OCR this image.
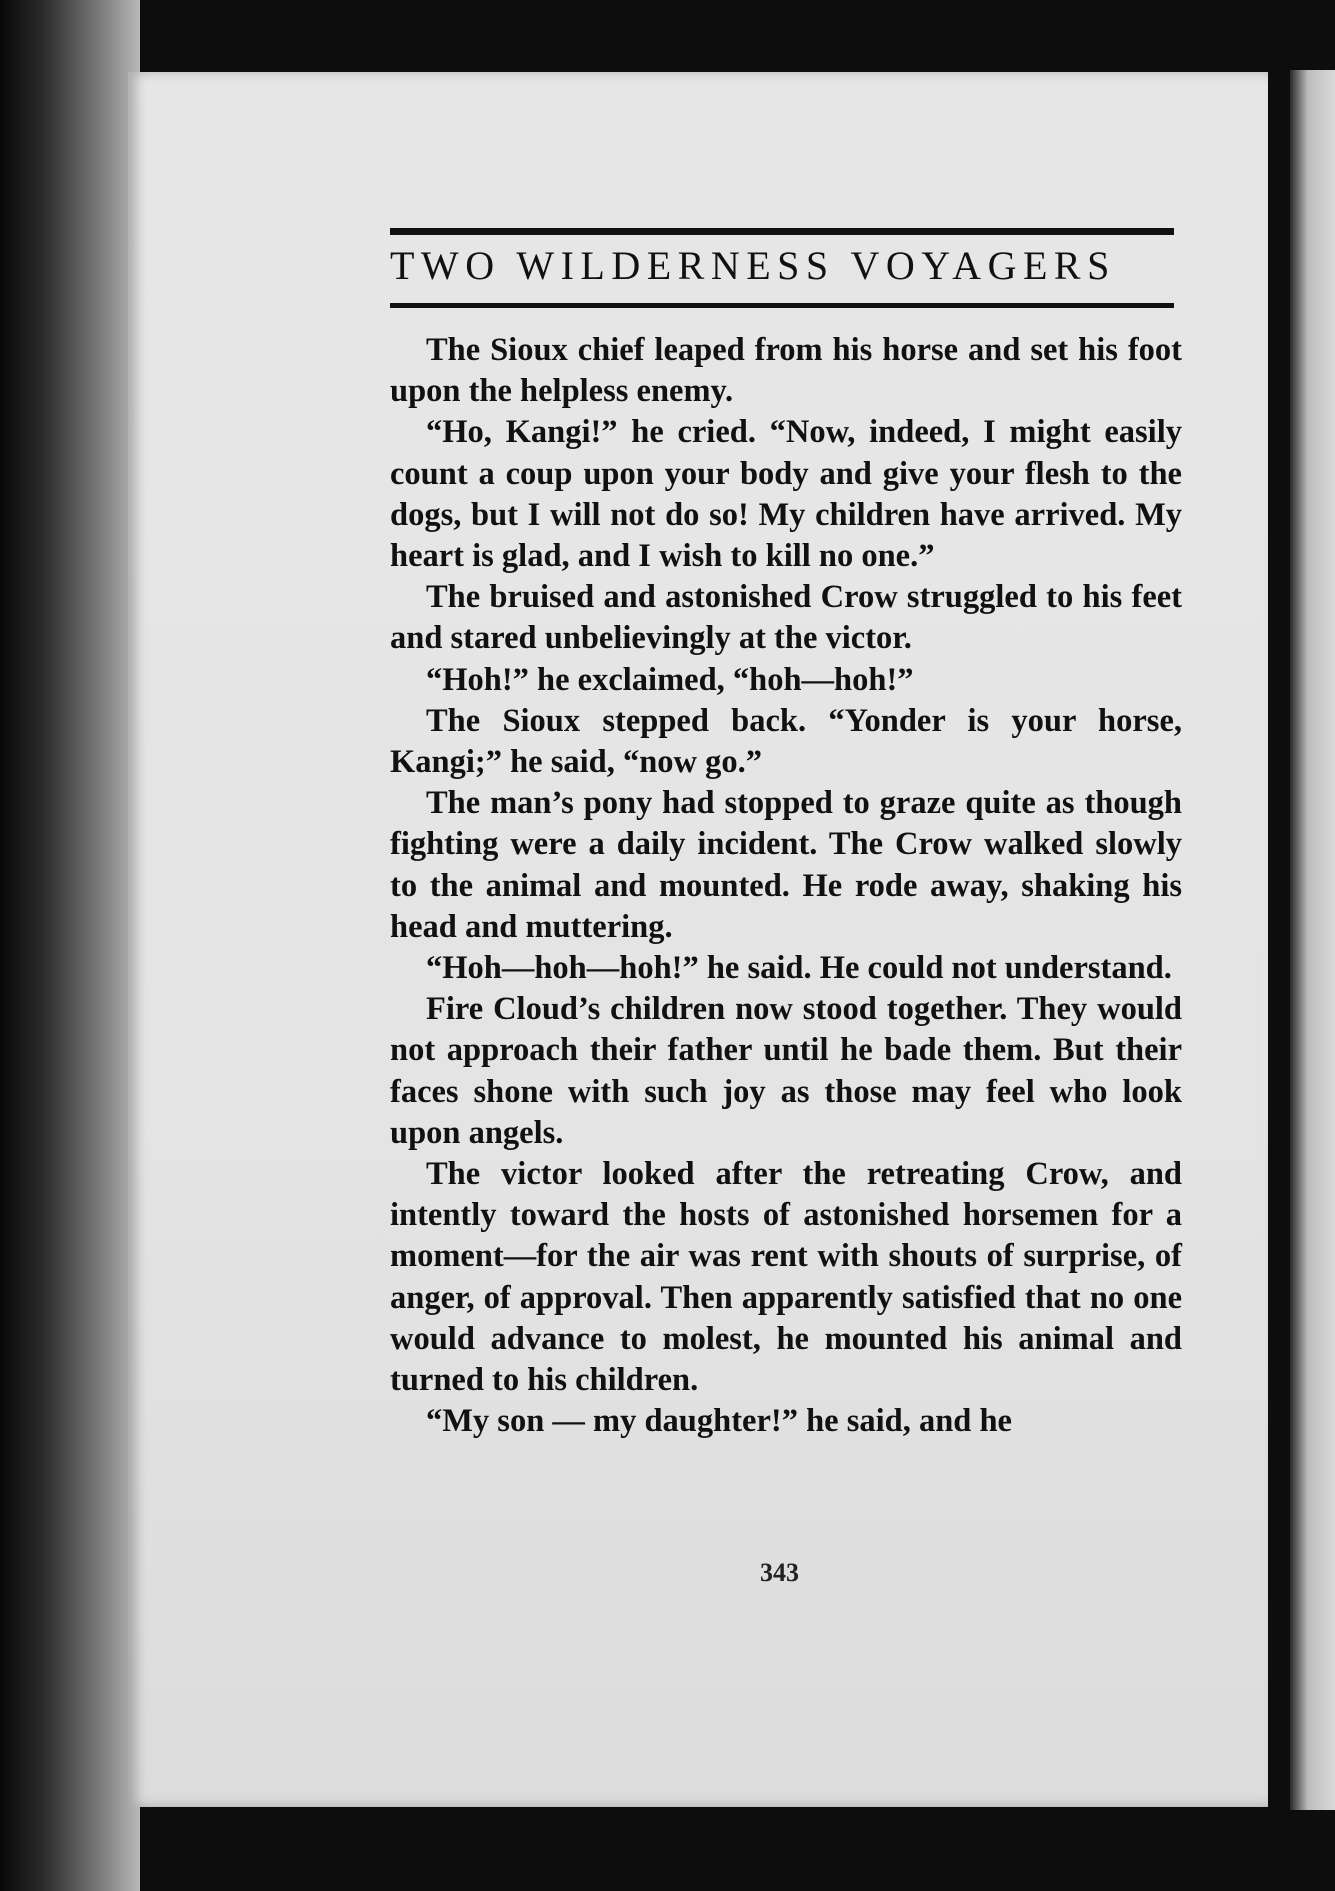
TWO WILDERNESS VOYAGERS

The Sioux chief leaped from his horse and set his foot upon the helpless enemy.

“Ho, Kangi!” he cried. “Now, indeed, I might easily count a coup upon your body and give your flesh to the dogs, but I will not do so! My children have arrived. My heart is glad, and I wish to kill no one.”

The bruised and astonished Crow struggled to his feet and stared unbelievingly at the victor.

“Hoh!” he exclaimed, “hoh—hoh!”

The Sioux stepped back. “Yonder is your horse, Kangi;” he said, “now go.”

The man’s pony had stopped to graze quite as though fighting were a daily incident. The Crow walked slowly to the animal and mounted. He rode away, shaking his head and muttering.

“Hoh—hoh—hoh!” he said. He could not understand.

Fire Cloud’s children now stood together. They would not approach their father until he bade them. But their faces shone with such joy as those may feel who look upon angels.

The victor looked after the retreating Crow, and intently toward the hosts of astonished horsemen for a moment—for the air was rent with shouts of surprise, of anger, of approval. Then apparently satisfied that no one would advance to molest, he mounted his animal and turned to his children.

“My son — my daughter!” he said, and he

343
